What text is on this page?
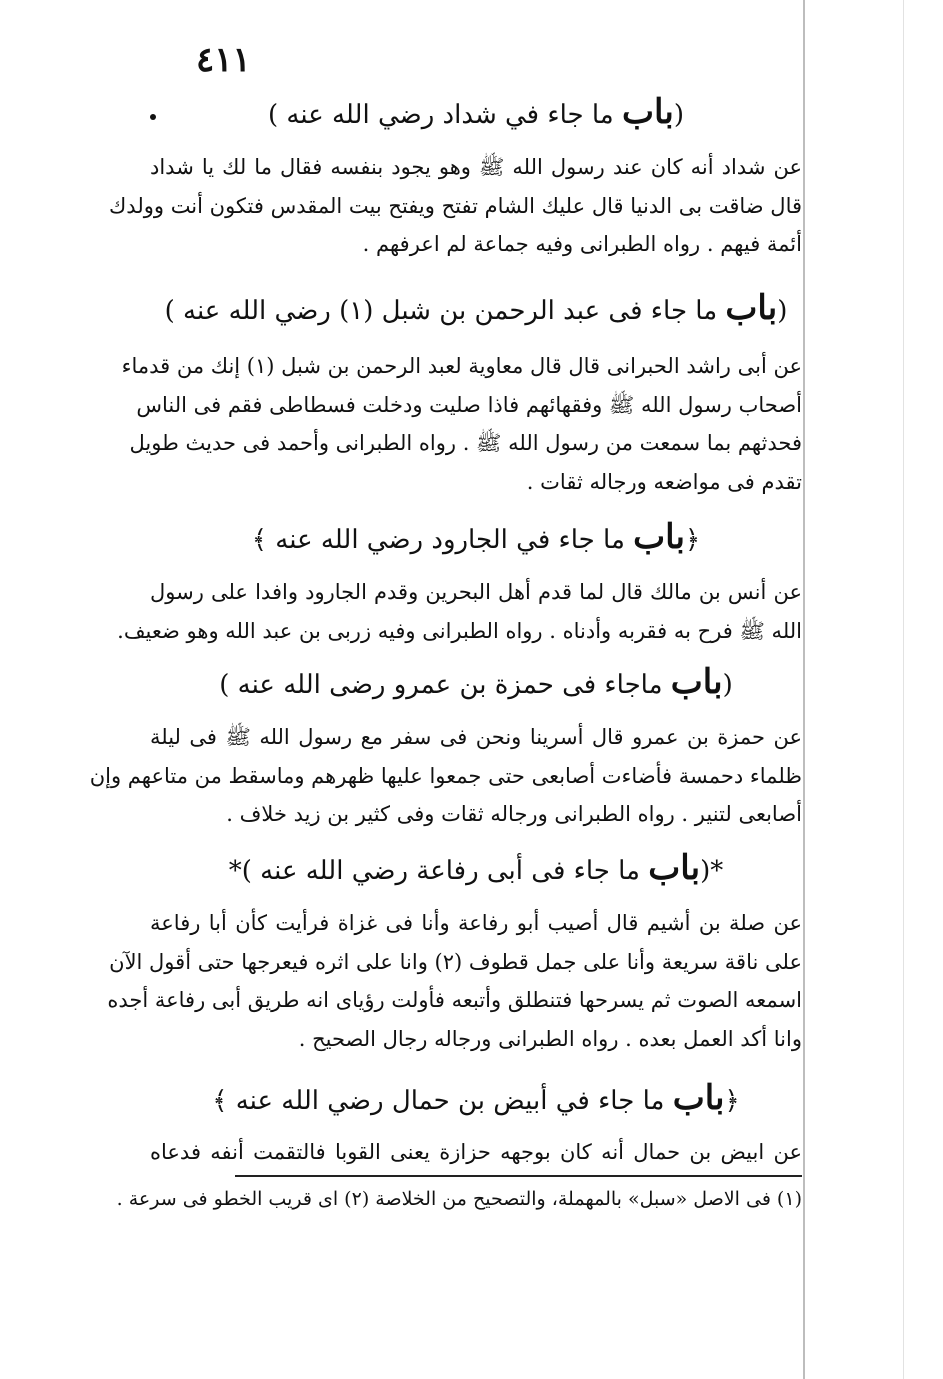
٤١١
(باب ما جاء في شداد رضي الله عنه )
عن شداد أنه كان عند رسول الله ﷺ وهو يجود بنفسه فقال ما لك يا شداد
قال ضاقت بى الدنيا قال عليك الشام تفتح ويفتح بيت المقدس فتكون أنت وولدك
أئمة فيهم . رواه الطبرانى وفيه جماعة لم اعرفهم .
(باب ما جاء فى عبد الرحمن بن شبل (١) رضي الله عنه )
عن أبى راشد الحبرانى قال قال معاوية لعبد الرحمن بن شبل (١) إنك من قدماء
أصحاب رسول الله ﷺ وفقهائهم فاذا صليت ودخلت فسطاطى فقم فى الناس
فحدثهم بما سمعت من رسول الله ﷺ . رواه الطبرانى وأحمد فى حديث طويل
تقدم فى مواضعه ورجاله ثقات .
﴿باب ما جاء في الجارود رضي الله عنه ﴾
عن أنس بن مالك قال لما قدم أهل البحرين وقدم الجارود وافدا على رسول
الله ﷺ فرح به فقربه وأدناه . رواه الطبرانى وفيه زربى بن عبد الله وهو ضعيف.
(باب ماجاء فى حمزة بن عمرو رضى الله عنه )
عن حمزة بن عمرو قال أسرينا ونحن فى سفر مع رسول الله ﷺ فى ليلة
ظلماء دحمسة فأضاءت أصابعى حتى جمعوا عليها ظهرهم وماسقط من متاعهم وإن
أصابعى لتنير . رواه الطبرانى ورجاله ثقات وفى كثير بن زيد خلاف .
*(باب ما جاء فى أبى رفاعة رضي الله عنه )*
عن صلة بن أشيم قال أصيب أبو رفاعة وأنا فى غزاة فرأيت كأن أبا رفاعة
على ناقة سريعة وأنا على جمل قطوف (٢) وانا على اثره فيعرجها حتى أقول الآن
اسمعه الصوت ثم يسرحها فتنطلق وأتبعه فأولت رؤياى انه طريق أبى رفاعة أجده
وانا أكد العمل بعده . رواه الطبرانى ورجاله رجال الصحيح .
﴿باب ما جاء في أبيض بن حمال رضي الله عنه ﴾
عن ابيض بن حمال أنه كان بوجهه حزازة يعنى القوبا فالتقمت أنفه فدعاه
(١) فى الاصل «سبل» بالمهملة، والتصحيح من الخلاصة (٢) اى قريب الخطو فى سرعة .
